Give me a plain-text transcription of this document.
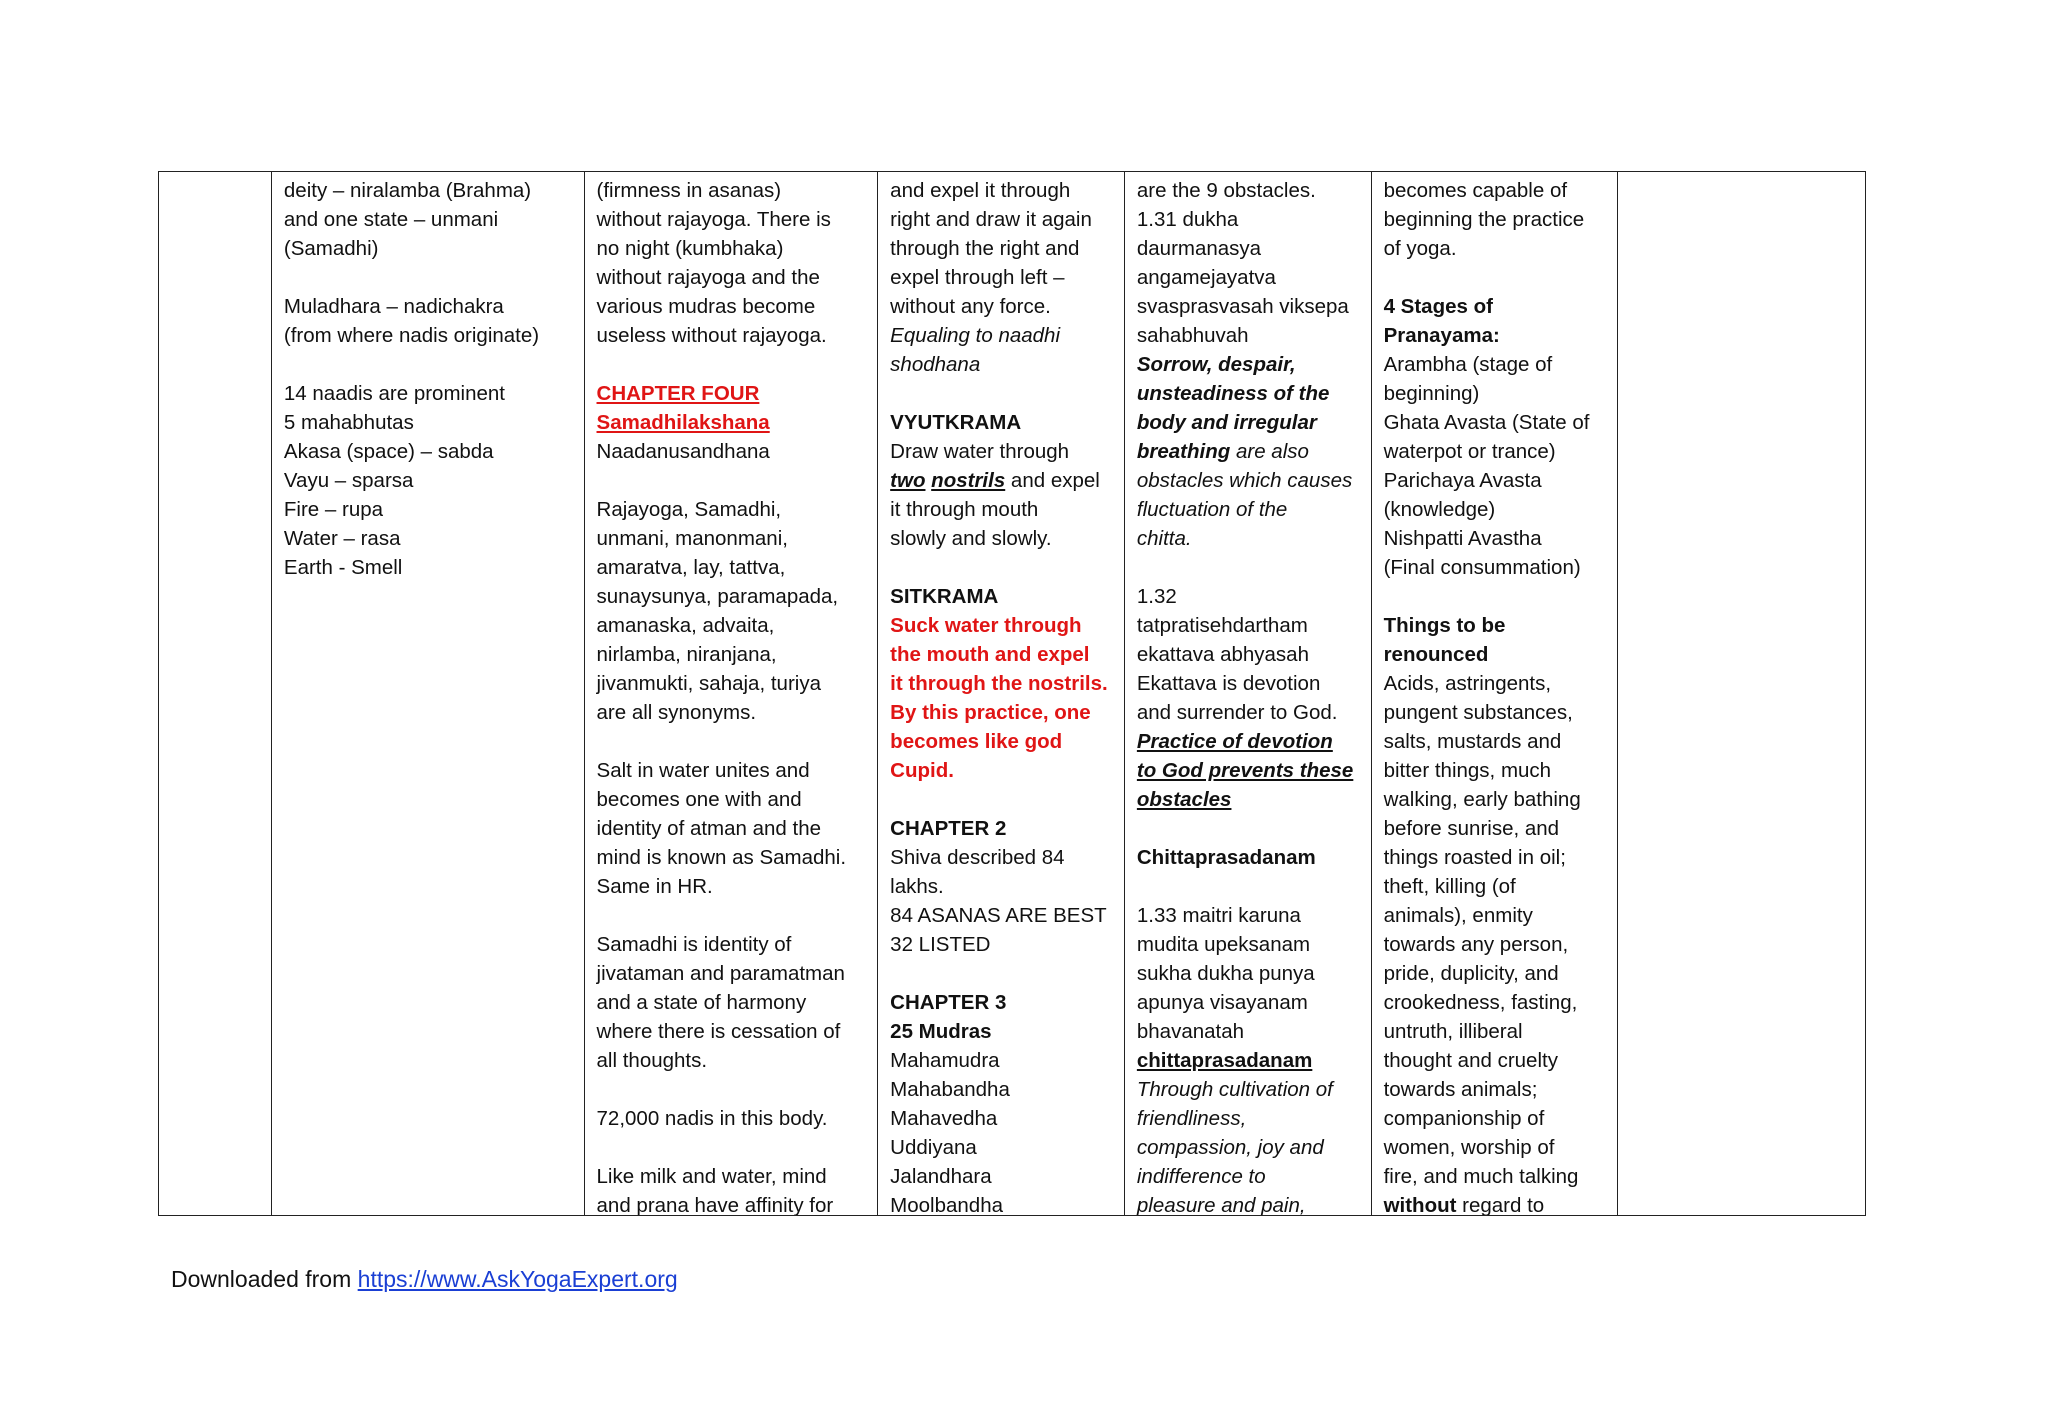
deity – niralamba (Brahma)
and one state – unmani
(Samadhi)
Muladhara – nadichakra
(from where nadis originate)
14 naadis are prominent
5 mahabhutas
Akasa (space) – sabda
Vayu – sparsa
Fire – rupa
Water – rasa
Earth - Smell
(firmness in asanas)
without rajayoga. There is
no night (kumbhaka)
without rajayoga and the
various mudras become
useless without rajayoga.
CHAPTER FOUR
Samadhilakshana
Naadanusandhana
Rajayoga, Samadhi,
unmani, manonmani,
amaratva, lay, tattva,
sunaysunya, paramapada,
amanaska, advaita,
nirlamba, niranjana,
jivanmukti, sahaja, turiya
are all synonyms.
Salt in water unites and
becomes one with and
identity of atman and the
mind is known as Samadhi.
Same in HR.
Samadhi is identity of
jivataman and paramatman
and a state of harmony
where there is cessation of
all thoughts.
72,000 nadis in this body.
Like milk and water, mind
and prana have affinity for
and expel it through
right and draw it again
through the right and
expel through left –
without any force.
Equaling to naadhi
shodhana
VYUTKRAMA
Draw water through
two nostrils and expel
it through mouth
slowly and slowly.
SITKRAMA
Suck water through
the mouth and expel
it through the nostrils.
By this practice, one
becomes like god
Cupid.
CHAPTER 2
Shiva described 84
lakhs.
84 ASANAS ARE BEST
32 LISTED
CHAPTER 3
25 Mudras
Mahamudra
Mahabandha
Mahavedha
Uddiyana
Jalandhara
Moolbandha
are the 9 obstacles.
1.31 dukha
daurmanasya
angamejayatva
svasprasvasah viksepa
sahabhuvah
Sorrow, despair,
unsteadiness of the
body and irregular
breathing are also
obstacles which causes
fluctuation of the
chitta.
1.32
tatpratisehdartham
ekattava abhyasah
Ekattava is devotion
and surrender to God.
Practice of devotion
to God prevents these
obstacles
Chittaprasadanam
1.33 maitri karuna
mudita upeksanam
sukha dukha punya
apunya visayanam
bhavanatah
chittaprasadanam
Through cultivation of
friendliness,
compassion, joy and
indifference to
pleasure and pain,
becomes capable of
beginning the practice
of yoga.
4 Stages of
Pranayama:
Arambha (stage of
beginning)
Ghata Avasta (State of
waterpot or trance)
Parichaya Avasta
(knowledge)
Nishpatti Avastha
(Final consummation)
Things to be
renounced
Acids, astringents,
pungent substances,
salts, mustards and
bitter things, much
walking, early bathing
before sunrise, and
things roasted in oil;
theft, killing (of
animals), enmity
towards any person,
pride, duplicity, and
crookedness, fasting,
untruth, illiberal
thought and cruelty
towards animals;
companionship of
women, worship of
fire, and much talking
without regard to
Downloaded from https://www.AskYogaExpert.org
